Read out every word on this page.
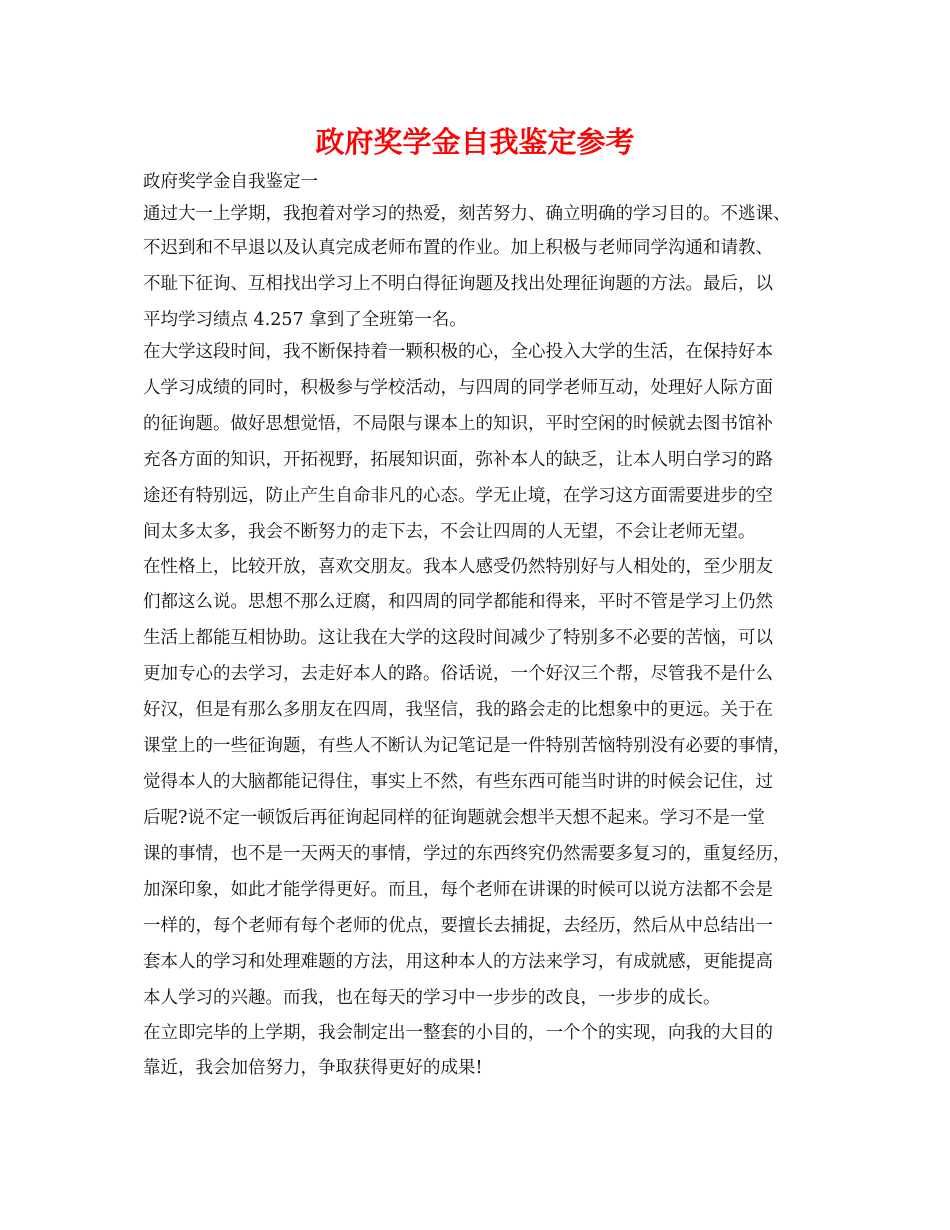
政府奖学金自我鉴定参考
政府奖学金自我鉴定一
通过大一上学期，我抱着对学习的热爱，刻苦努力、确立明确的学习目的。不逃课、
不迟到和不早退以及认真完成老师布置的作业。加上积极与老师同学沟通和请教、
不耻下征询、互相找出学习上不明白得征询题及找出处理征询题的方法。最后，以
平均学习绩点 4.257 拿到了全班第一名。
在大学这段时间，我不断保持着一颗积极的心，全心投入大学的生活，在保持好本
人学习成绩的同时，积极参与学校活动，与四周的同学老师互动，处理好人际方面
的征询题。做好思想觉悟，不局限与课本上的知识，平时空闲的时候就去图书馆补
充各方面的知识，开拓视野，拓展知识面，弥补本人的缺乏，让本人明白学习的路
途还有特别远，防止产生自命非凡的心态。学无止境，在学习这方面需要进步的空
间太多太多，我会不断努力的走下去，不会让四周的人无望，不会让老师无望。
在性格上，比较开放，喜欢交朋友。我本人感受仍然特别好与人相处的，至少朋友
们都这么说。思想不那么迂腐，和四周的同学都能和得来，平时不管是学习上仍然
生活上都能互相协助。这让我在大学的这段时间减少了特别多不必要的苦恼，可以
更加专心的去学习，去走好本人的路。俗话说，一个好汉三个帮，尽管我不是什么
好汉，但是有那么多朋友在四周，我坚信，我的路会走的比想象中的更远。关于在
课堂上的一些征询题，有些人不断认为记笔记是一件特别苦恼特别没有必要的事情，
觉得本人的大脑都能记得住，事实上不然，有些东西可能当时讲的时候会记住，过
后呢?说不定一顿饭后再征询起同样的征询题就会想半天想不起来。学习不是一堂
课的事情，也不是一天两天的事情，学过的东西终究仍然需要多复习的，重复经历，
加深印象，如此才能学得更好。而且，每个老师在讲课的时候可以说方法都不会是
一样的，每个老师有每个老师的优点，要擅长去捕捉，去经历，然后从中总结出一
套本人的学习和处理难题的方法，用这种本人的方法来学习，有成就感，更能提高
本人学习的兴趣。而我，也在每天的学习中一步步的改良，一步步的成长。
在立即完毕的上学期，我会制定出一整套的小目的，一个个的实现，向我的大目的
靠近，我会加倍努力，争取获得更好的成果!
